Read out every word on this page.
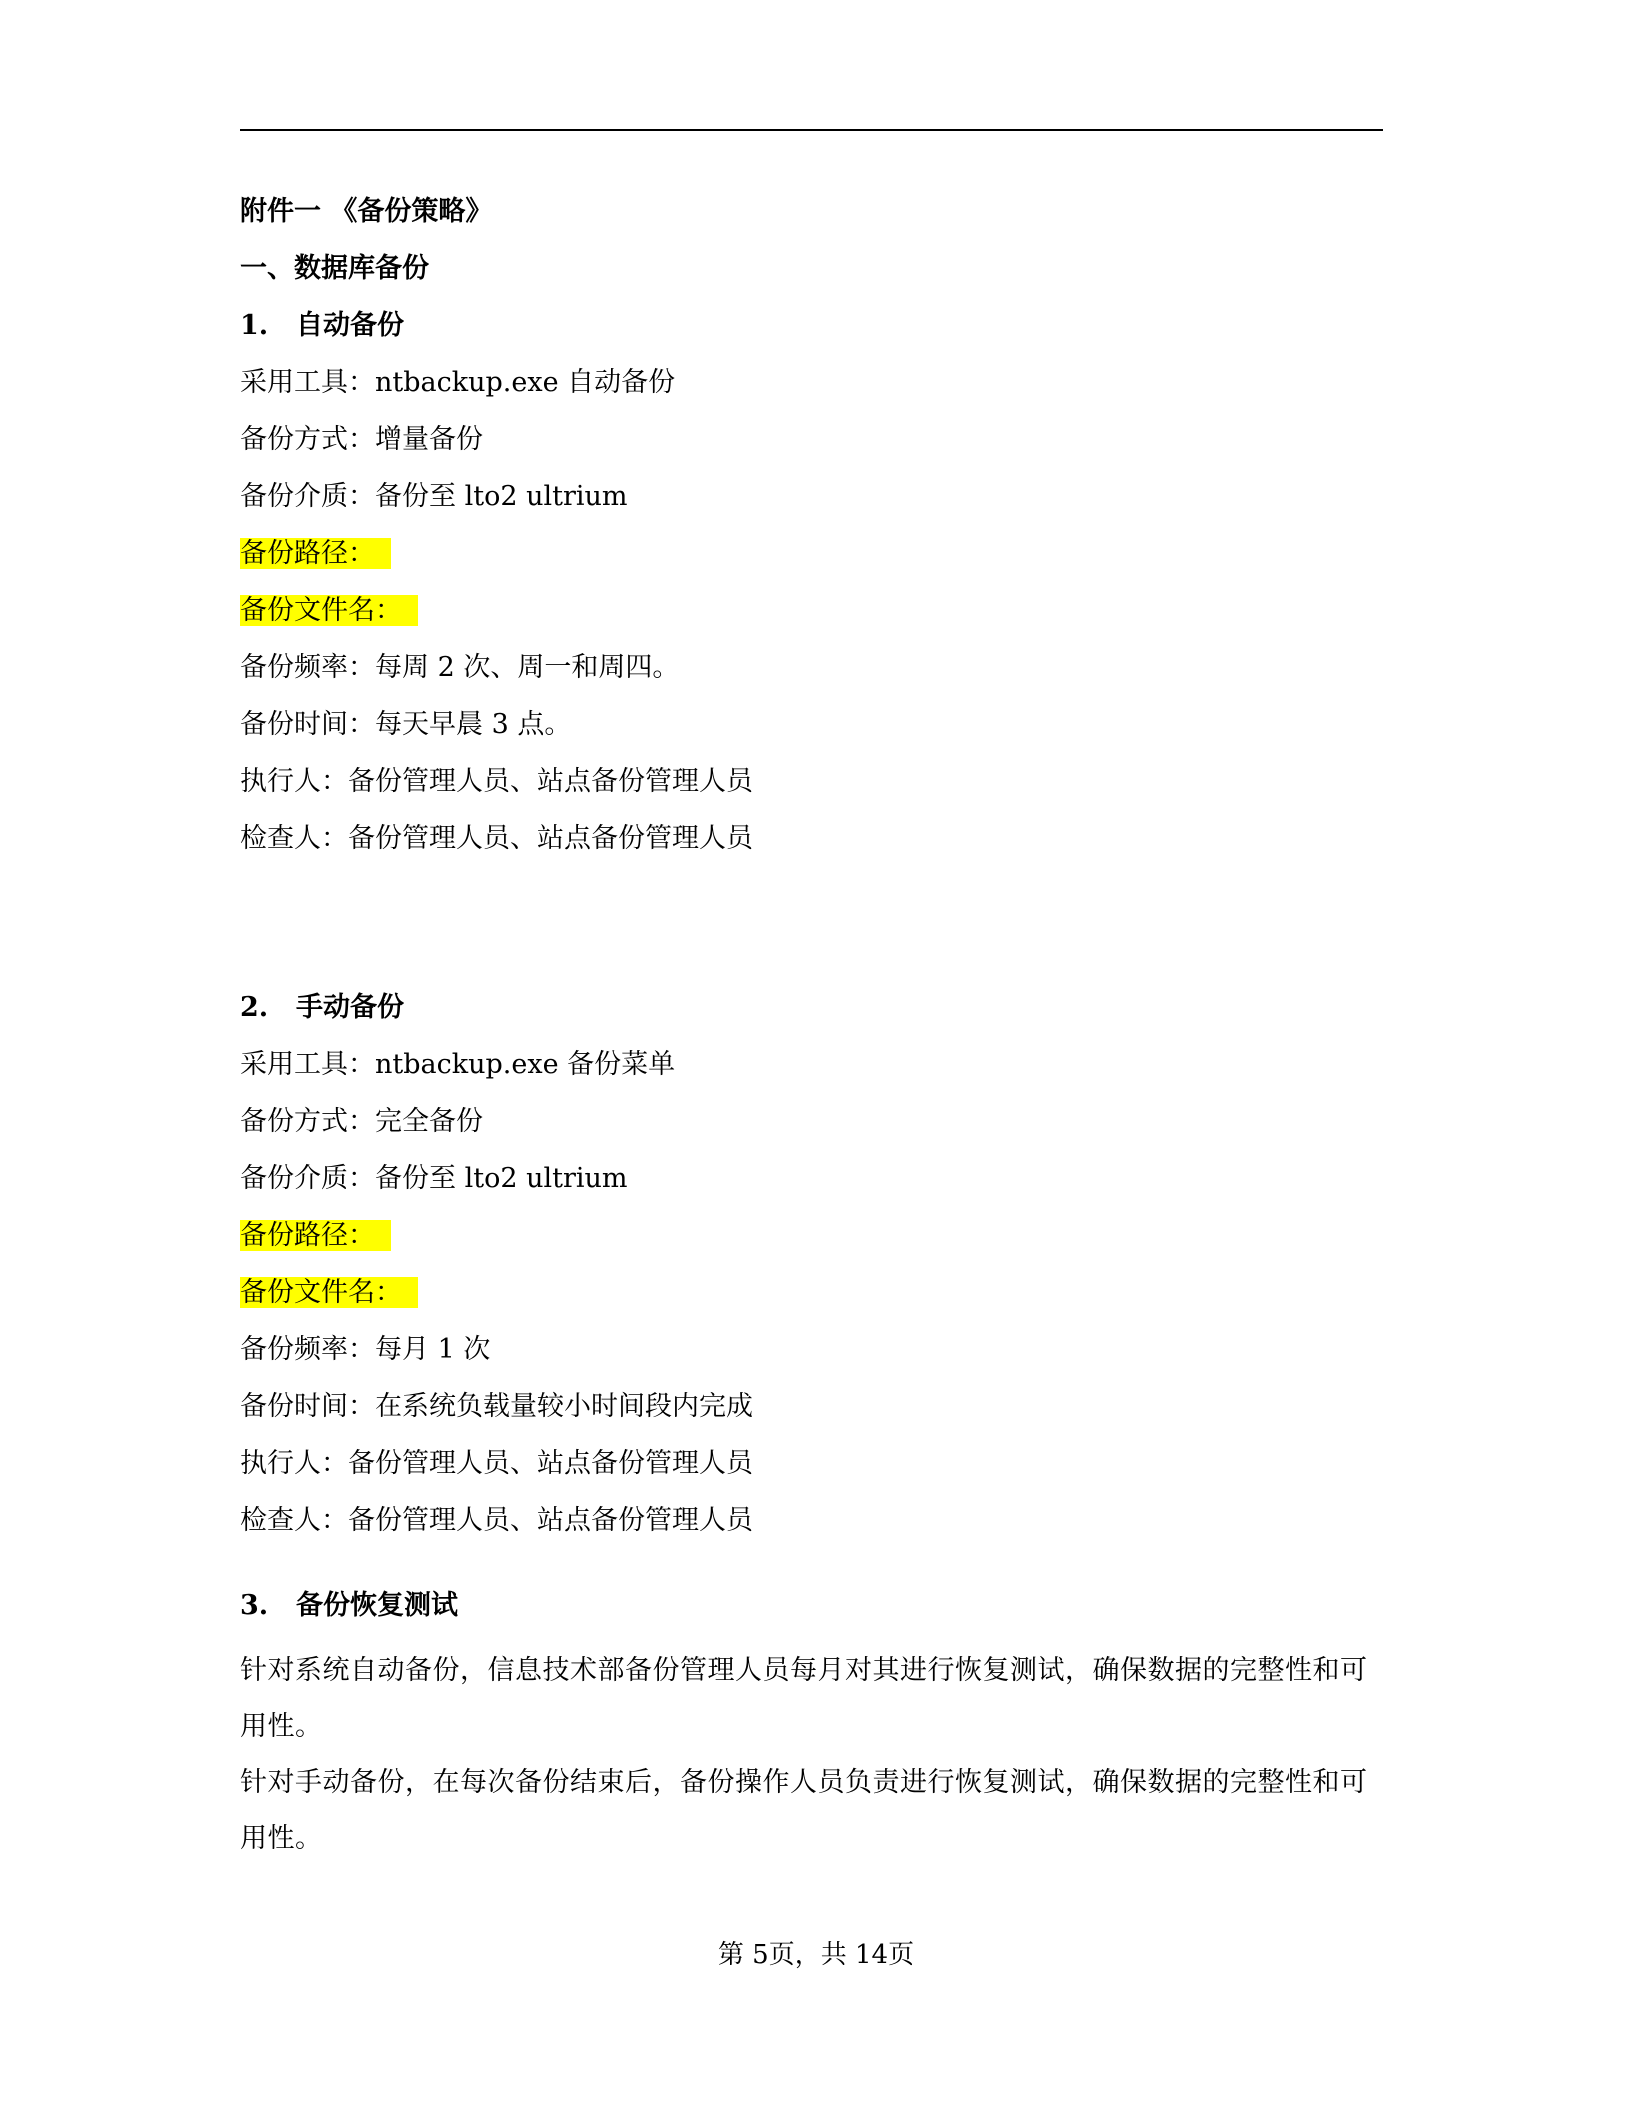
附件一 《备份策略》
一、数据库备份
1. 自动备份
采用工具：ntbackup.exe 自动备份
备份方式：增量备份
备份介质：备份至 lto2 ultrium
备份路径：
备份文件名：
备份频率：每周 2 次、周一和周四。
备份时间：每天早晨 3 点。
执行人：备份管理人员、站点备份管理人员
检查人：备份管理人员、站点备份管理人员
2. 手动备份
采用工具：ntbackup.exe 备份菜单
备份方式：完全备份
备份介质：备份至 lto2 ultrium
备份路径：
备份文件名：
备份频率：每月 1 次
备份时间：在系统负载量较小时间段内完成
执行人：备份管理人员、站点备份管理人员
检查人：备份管理人员、站点备份管理人员
3. 备份恢复测试
针对系统自动备份，信息技术部备份管理人员每月对其进行恢复测试，确保数据的完整性和可用性。
针对手动备份，在每次备份结束后，备份操作人员负责进行恢复测试，确保数据的完整性和可用性。
第 5页，共 14页
